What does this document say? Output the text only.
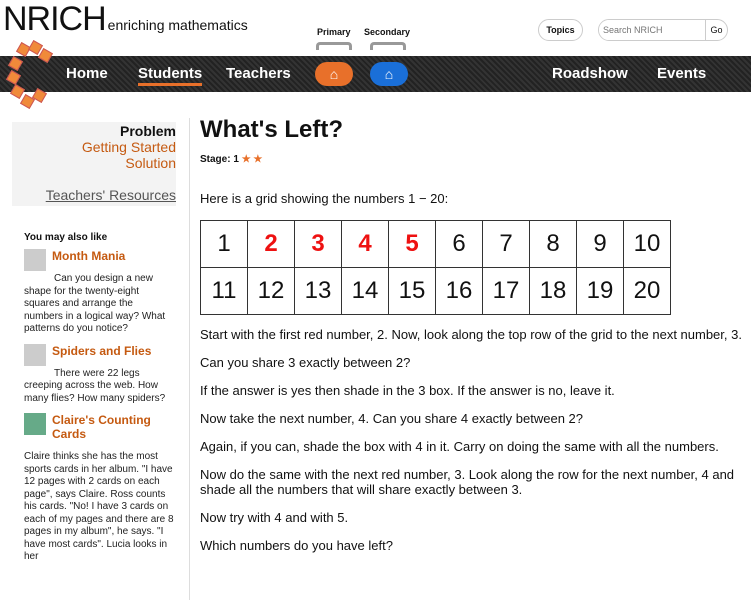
NRICH enriching mathematics	Primary Secondary	Topics
Search NRICH	Go
Home Students Teachers	⌂	⌂	Roadshow Events
Problem
Getting Started
Solution
Teachers' Resources
You may also like
Month Mania

Can you design a new shape for the twenty-eight squares and arrange the numbers in a logical way? What patterns do you notice?

Spiders and Flies

There were 22 legs creeping across the web. How many flies? How many spiders?

Claire's Counting Cards

Claire thinks she has the most sports cards in her album. "I have 12 pages with 2 cards on each page", says Claire. Ross counts his cards. "No! I have 3 cards on each of my pages and there are 8 pages in my album", he says. "I have most cards". Lucia looks in her

What's Left?
Stage: 1 ★ ★
Here is a grid showing the numbers 1 − 20:
1	2	3	4	5	6	7	8	9	10
11	12	13	14	15	16	17	18	19	20

Start with the first red number, 2. Now, look along the top row of the grid to the next number, 3.

Can you share 3 exactly between 2?

If the answer is yes then shade in the 3 box. If the answer is no, leave it.

Now take the next number, 4. Can you share 4 exactly between 2?

Again, if you can, shade the box with 4 in it. Carry on doing the same with all the numbers.

Now do the same with the next red number, 3. Look along the row for the next number, 4 and shade all the numbers that will share exactly between 3.

Now try with 4 and with 5.

Which numbers do you have left?
